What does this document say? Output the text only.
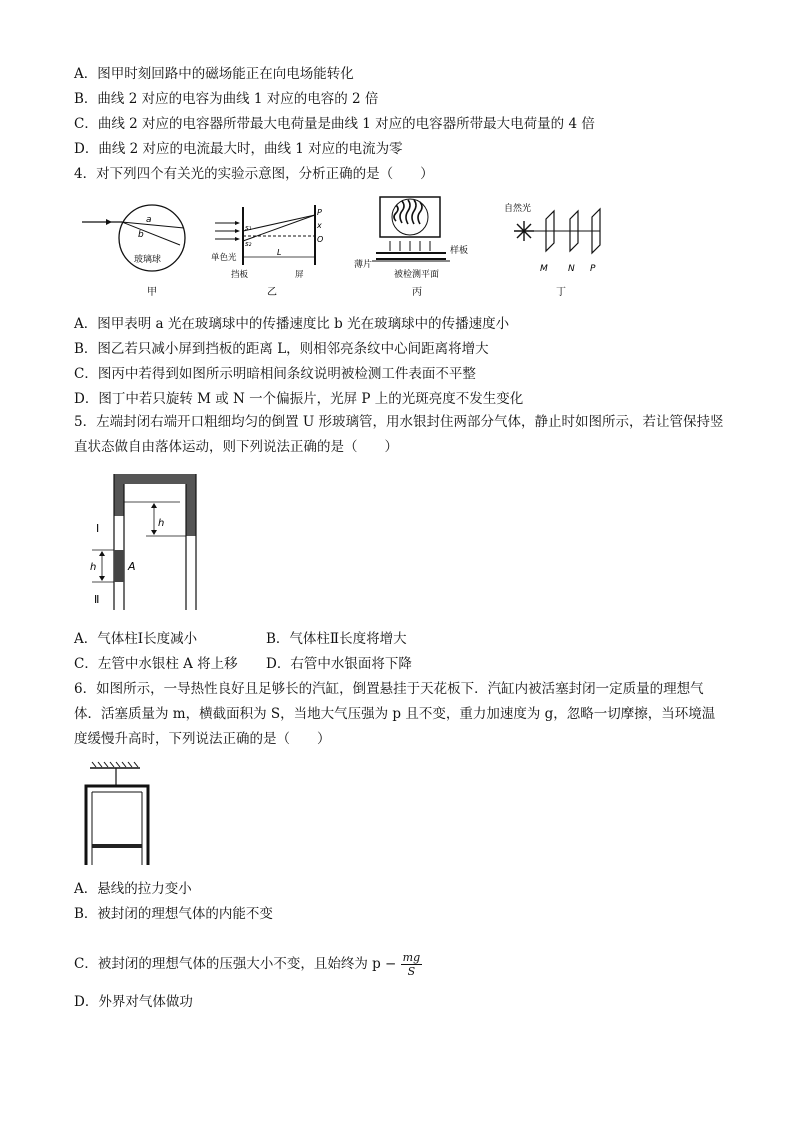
A．图甲时刻回路中的磁场能正在向电场能转化
B．曲线 2 对应的电容为曲线 1 对应的电容的 2 倍
C．曲线 2 对应的电容器所带最大电荷量是曲线 1 对应的电容器所带最大电荷量的 4 倍
D．曲线 2 对应的电流最大时，曲线 1 对应的电流为零
4．对下列四个有关光的实验示意图，分析正确的是（　　）
a
b
玻璃球
甲
s₁
s₂
P
x
O
L
单色光
挡板	屏
乙
样板
薄片
被检测平面
丙
自然光
M N P
丁
A．图甲表明 a 光在玻璃球中的传播速度比 b 光在玻璃球中的传播速度小
B．图乙若只减小屏到挡板的距离 L，则相邻亮条纹中心间距离将增大
C．图丙中若得到如图所示明暗相间条纹说明被检测工件表面不平整
D．图丁中若只旋转 M 或 N 一个偏振片，光屏 P 上的光斑亮度不发生变化
5．左端封闭右端开口粗细均匀的倒置 U 形玻璃管，用水银封住两部分气体，静止时如图所示，若让管保持竖直状态做自由落体运动，则下列说法正确的是（　　）
h
Ⅰ
h	A
Ⅱ
A．气体柱Ⅰ长度减小	B．气体柱Ⅱ长度将增大
C．左管中水银柱 A 将上移 D．右管中水银面将下降
6．如图所示，一导热性良好且足够长的汽缸，倒置悬挂于天花板下．汽缸内被活塞封闭一定质量的理想气体．活塞质量为 m，横截面积为 S，当地大气压强为 p 且不变，重力加速度为 g，忽略一切摩擦，当环境温度缓慢升高时，下列说法正确的是（　　）
A．悬线的拉力变小
B．被封闭的理想气体的内能不变
C．被封闭的理想气体的压强大小不变，且始终为 $p - \frac{mg}{S}$
D．外界对气体做功
